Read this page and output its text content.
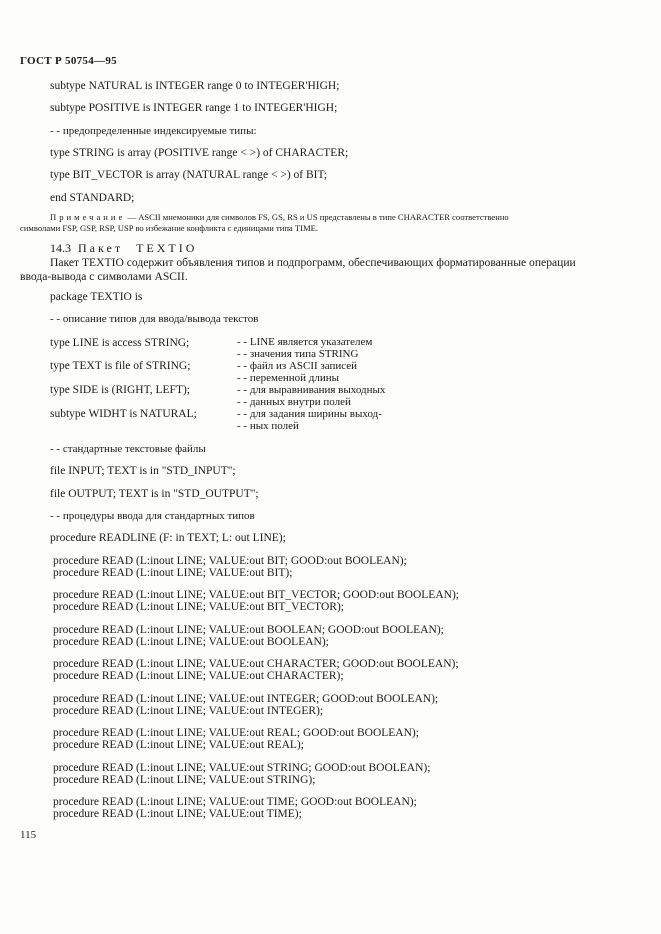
ГОСТ Р 50754—95
subtype NATURAL is INTEGER range 0 to INTEGER'HIGH;
subtype POSITIVE is INTEGER range 1 to INTEGER'HIGH;
- - предопределенные индексируемые типы:
type STRING is array (POSITIVE range < >) of CHARACTER;
type BIT_VECTOR is array (NATURAL range < >) of BIT;
end STANDARD;
Примечание — ASCII мнемоники для символов FS, GS, RS и US представлены в типе CHARACTER соответственно
символами FSP, GSP, RSP, USP во избежание конфликта с единицами типа TIME.
14.3 Пакет TEXTIO
Пакет TEXTIO содержит объявления типов и подпрограмм, обеспечивающих форматированные операции
ввода-вывода с символами ASCII.
package TEXTIO is
- - описание типов для ввода/вывода текстов
type LINE is access STRING;	- - LINE является указателем
- - значения типа STRING
type TEXT is file of STRING;	- - файл из ASCII записей
- - переменной длины
type SIDE is (RIGHT, LEFT);	- - для выравнивания выходных
- - данных внутри полей
subtype WIDHT is NATURAL;	- - для задания ширины выход-
- - ных полей
- - стандартные текстовые файлы
file INPUT; TEXT is in "STD_INPUT";
file OUTPUT; TEXT is in "STD_OUTPUT";
- - процедуры ввода для стандартных типов
procedure READLINE (F: in TEXT; L: out LINE);
procedure READ (L:inout LINE; VALUE:out BIT; GOOD:out BOOLEAN);
procedure READ (L:inout LINE; VALUE:out BIT);
procedure READ (L:inout LINE; VALUE:out BIT_VECTOR; GOOD:out BOOLEAN);
procedure READ (L:inout LINE; VALUE:out BIT_VECTOR);
procedure READ (L:inout LINE; VALUE:out BOOLEAN; GOOD:out BOOLEAN);
procedure READ (L:inout LINE; VALUE:out BOOLEAN);
procedure READ (L:inout LINE; VALUE:out CHARACTER; GOOD:out BOOLEAN);
procedure READ (L:inout LINE; VALUE:out CHARACTER);
procedure READ (L:inout LINE; VALUE:out INTEGER; GOOD:out BOOLEAN);
procedure READ (L:inout LINE; VALUE:out INTEGER);
procedure READ (L:inout LINE; VALUE:out REAL; GOOD:out BOOLEAN);
procedure READ (L:inout LINE; VALUE:out REAL);
procedure READ (L:inout LINE; VALUE:out STRING; GOOD:out BOOLEAN);
procedure READ (L:inout LINE; VALUE:out STRING);
procedure READ (L:inout LINE; VALUE:out TIME; GOOD:out BOOLEAN);
procedure READ (L:inout LINE; VALUE:out TIME);
115
